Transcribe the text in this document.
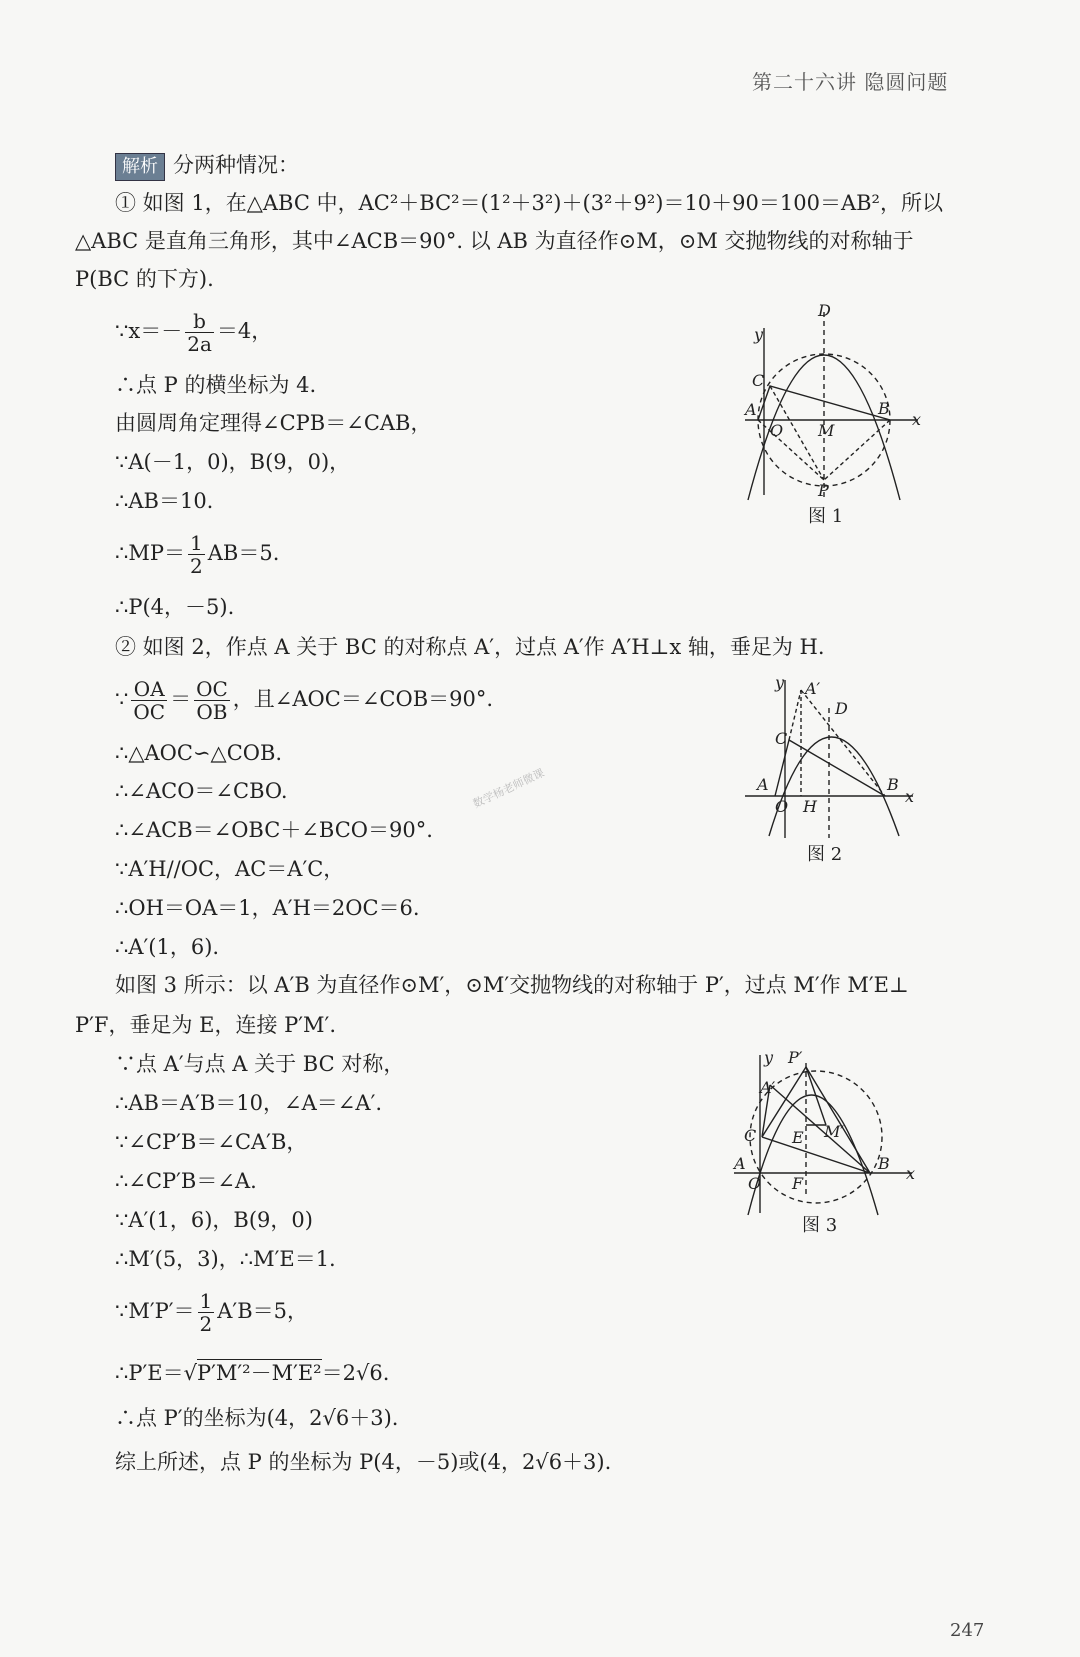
第二十六讲 隐圆问题
解析 分两种情况：
① 如图 1，在△ABC 中，AC²＋BC²＝(1²＋3²)＋(3²＋9²)＝10＋90＝100＝AB²，所以
△ABC 是直角三角形，其中∠ACB＝90°. 以 AB 为直径作⊙M，⊙M 交抛物线的对称轴于
P(BC 的下方).
∵x＝－ $\frac{b}{2a} =4$，
∴点 P 的横坐标为 4.
由圆周角定理得∠CPB＝∠CAB，
∵A(－1，0)，B(9，0)，
∴AB＝10.
∴MP＝ $\frac{1}{2} AB=5$.
∴P(4，－5).
② 如图 2，作点 A 关于 BC 的对称点 A′，过点 A′作 A′H⊥x 轴，垂足为 H.
∵ $\frac{OA}{OC} = \frac{OC}{OB}$ ，且∠AOC＝∠COB＝90°.
∴△AOC∽△COB.
∴∠ACO＝∠CBO.
∴∠ACB＝∠OBC＋∠BCO＝90°.
∵A′H//OC，AC＝A′C，
∴OH＝OA＝1，A′H＝2OC＝6.
∴A′(1，6).
如图 3 所示：以 A′B 为直径作⊙M′，⊙M′交抛物线的对称轴于 P′，过点 M′作 M′E⊥
P′F，垂足为 E，连接 P′M′.
∵点 A′与点 A 关于 BC 对称，
∴AB＝A′B＝10，∠A＝∠A′.
∵∠CP′B＝∠CA′B，
∴∠CP′B＝∠A.
∵A′(1，6)，B(9，0)
∴M′(5，3)，∴M′E＝1.
∵M′P′＝ $\frac{1}{2} A'B=5$，
∴P′E＝√P′M′²－M′E²＝2√6.
∴点 P′的坐标为(4，2√6＋3).
综上所述，点 P 的坐标为 P(4，－5)或(4，2√6＋3).
y
D
C
A
O M
B
x
P
图 1
y A′
D
C
A
O H
B
x
图 2
y P′
A′
C E M′
A
O F
B
x
图 3
数学杨老师微课
247
